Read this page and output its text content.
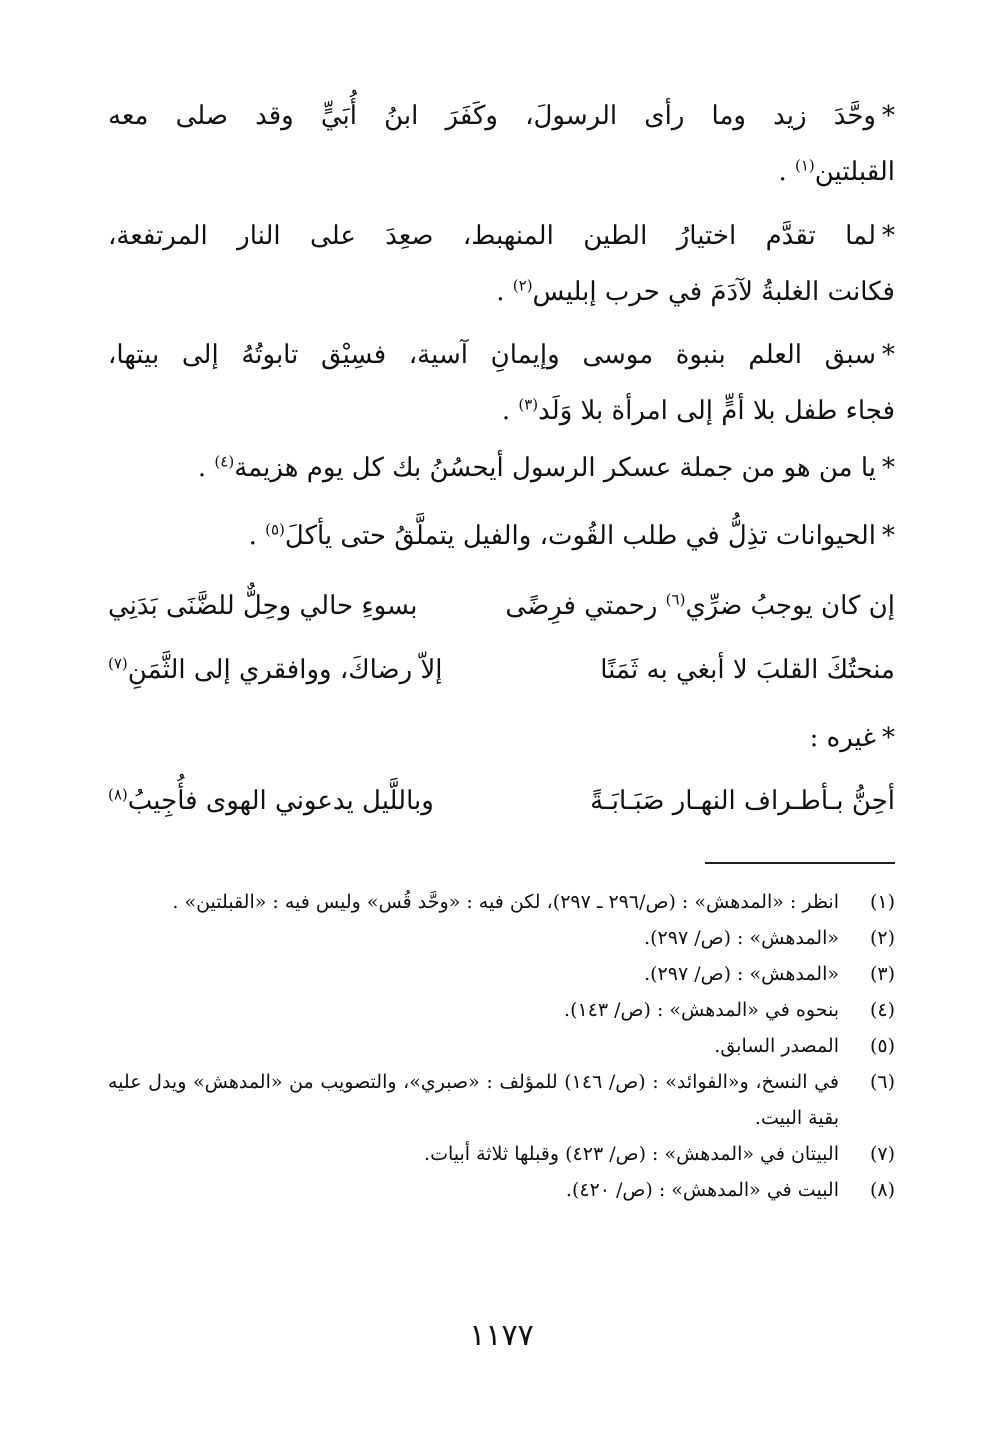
*وحَّدَ زيد وما رأى الرسولَ، وكَفَرَ ابنُ أُبَيٍّ وقد صلى معه
القبلتين$^{(١)}$ .
*لما تقدَّم اختيارُ الطين المنهبط، صعِدَ على النار المرتفعة،
فكانت الغلبةُ لآدَمَ في حرب إبليس$^{(٢)}$ .
*سبق العلم بنبوة موسى وإيمانِ آسية، فسِيْق تابوتُهُ إلى بيتها،
فجاء طفل بلا أمٍّ إلى امرأة بلا وَلَد$^{(٣)}$ .
*يا من هو من جملة عسكر الرسول أيحسُنُ بك كل يوم هزيمة$^{(٤)}$ .
*الحيوانات تذِلُّ في طلب القُوت، والفيل يتملَّقُ حتى يأكلَ$^{(٥)}$ .
إن كان يوجبُ ضرِّي$^{(٦)}$ رحمتي فرِضًى
بسوءِ حالي وحِلٌّ للضَّنَى بَدَنِي
منحتُكَ القلبَ لا أبغي به ثَمَنًا
إلاّ رضاكَ، ووافقري إلى الثَّمَنِ$^{(٧)}$
*غيره :
أحِنُّ بـأطـراف النهـار صَبَـابَـةً
وباللَّيل يدعوني الهوى فأُجِيبُ$^{(٨)}$
(١)
انظر : «المدهش» : (ص/٢٩٦ ـ ٢٩٧)، لكن فيه : «وحَّد قُس» وليس فيه : «القبلتين» .
(٢)
«المدهش» : (ص/ ٢٩٧).
(٣)
«المدهش» : (ص/ ٢٩٧).
(٤)
بنحوه في «المدهش» : (ص/ ١٤٣).
(٥)
المصدر السابق.
(٦)
في النسخ، و«الفوائد» : (ص/ ١٤٦) للمؤلف : «صبري»، والتصويب من «المدهش» ويدل عليه بقية البيت.
(٧)
البيتان في «المدهش» : (ص/ ٤٢٣) وقبلها ثلاثة أبيات.
(٨)
البيت في «المدهش» : (ص/ ٤٢٠).
١١٧٧
